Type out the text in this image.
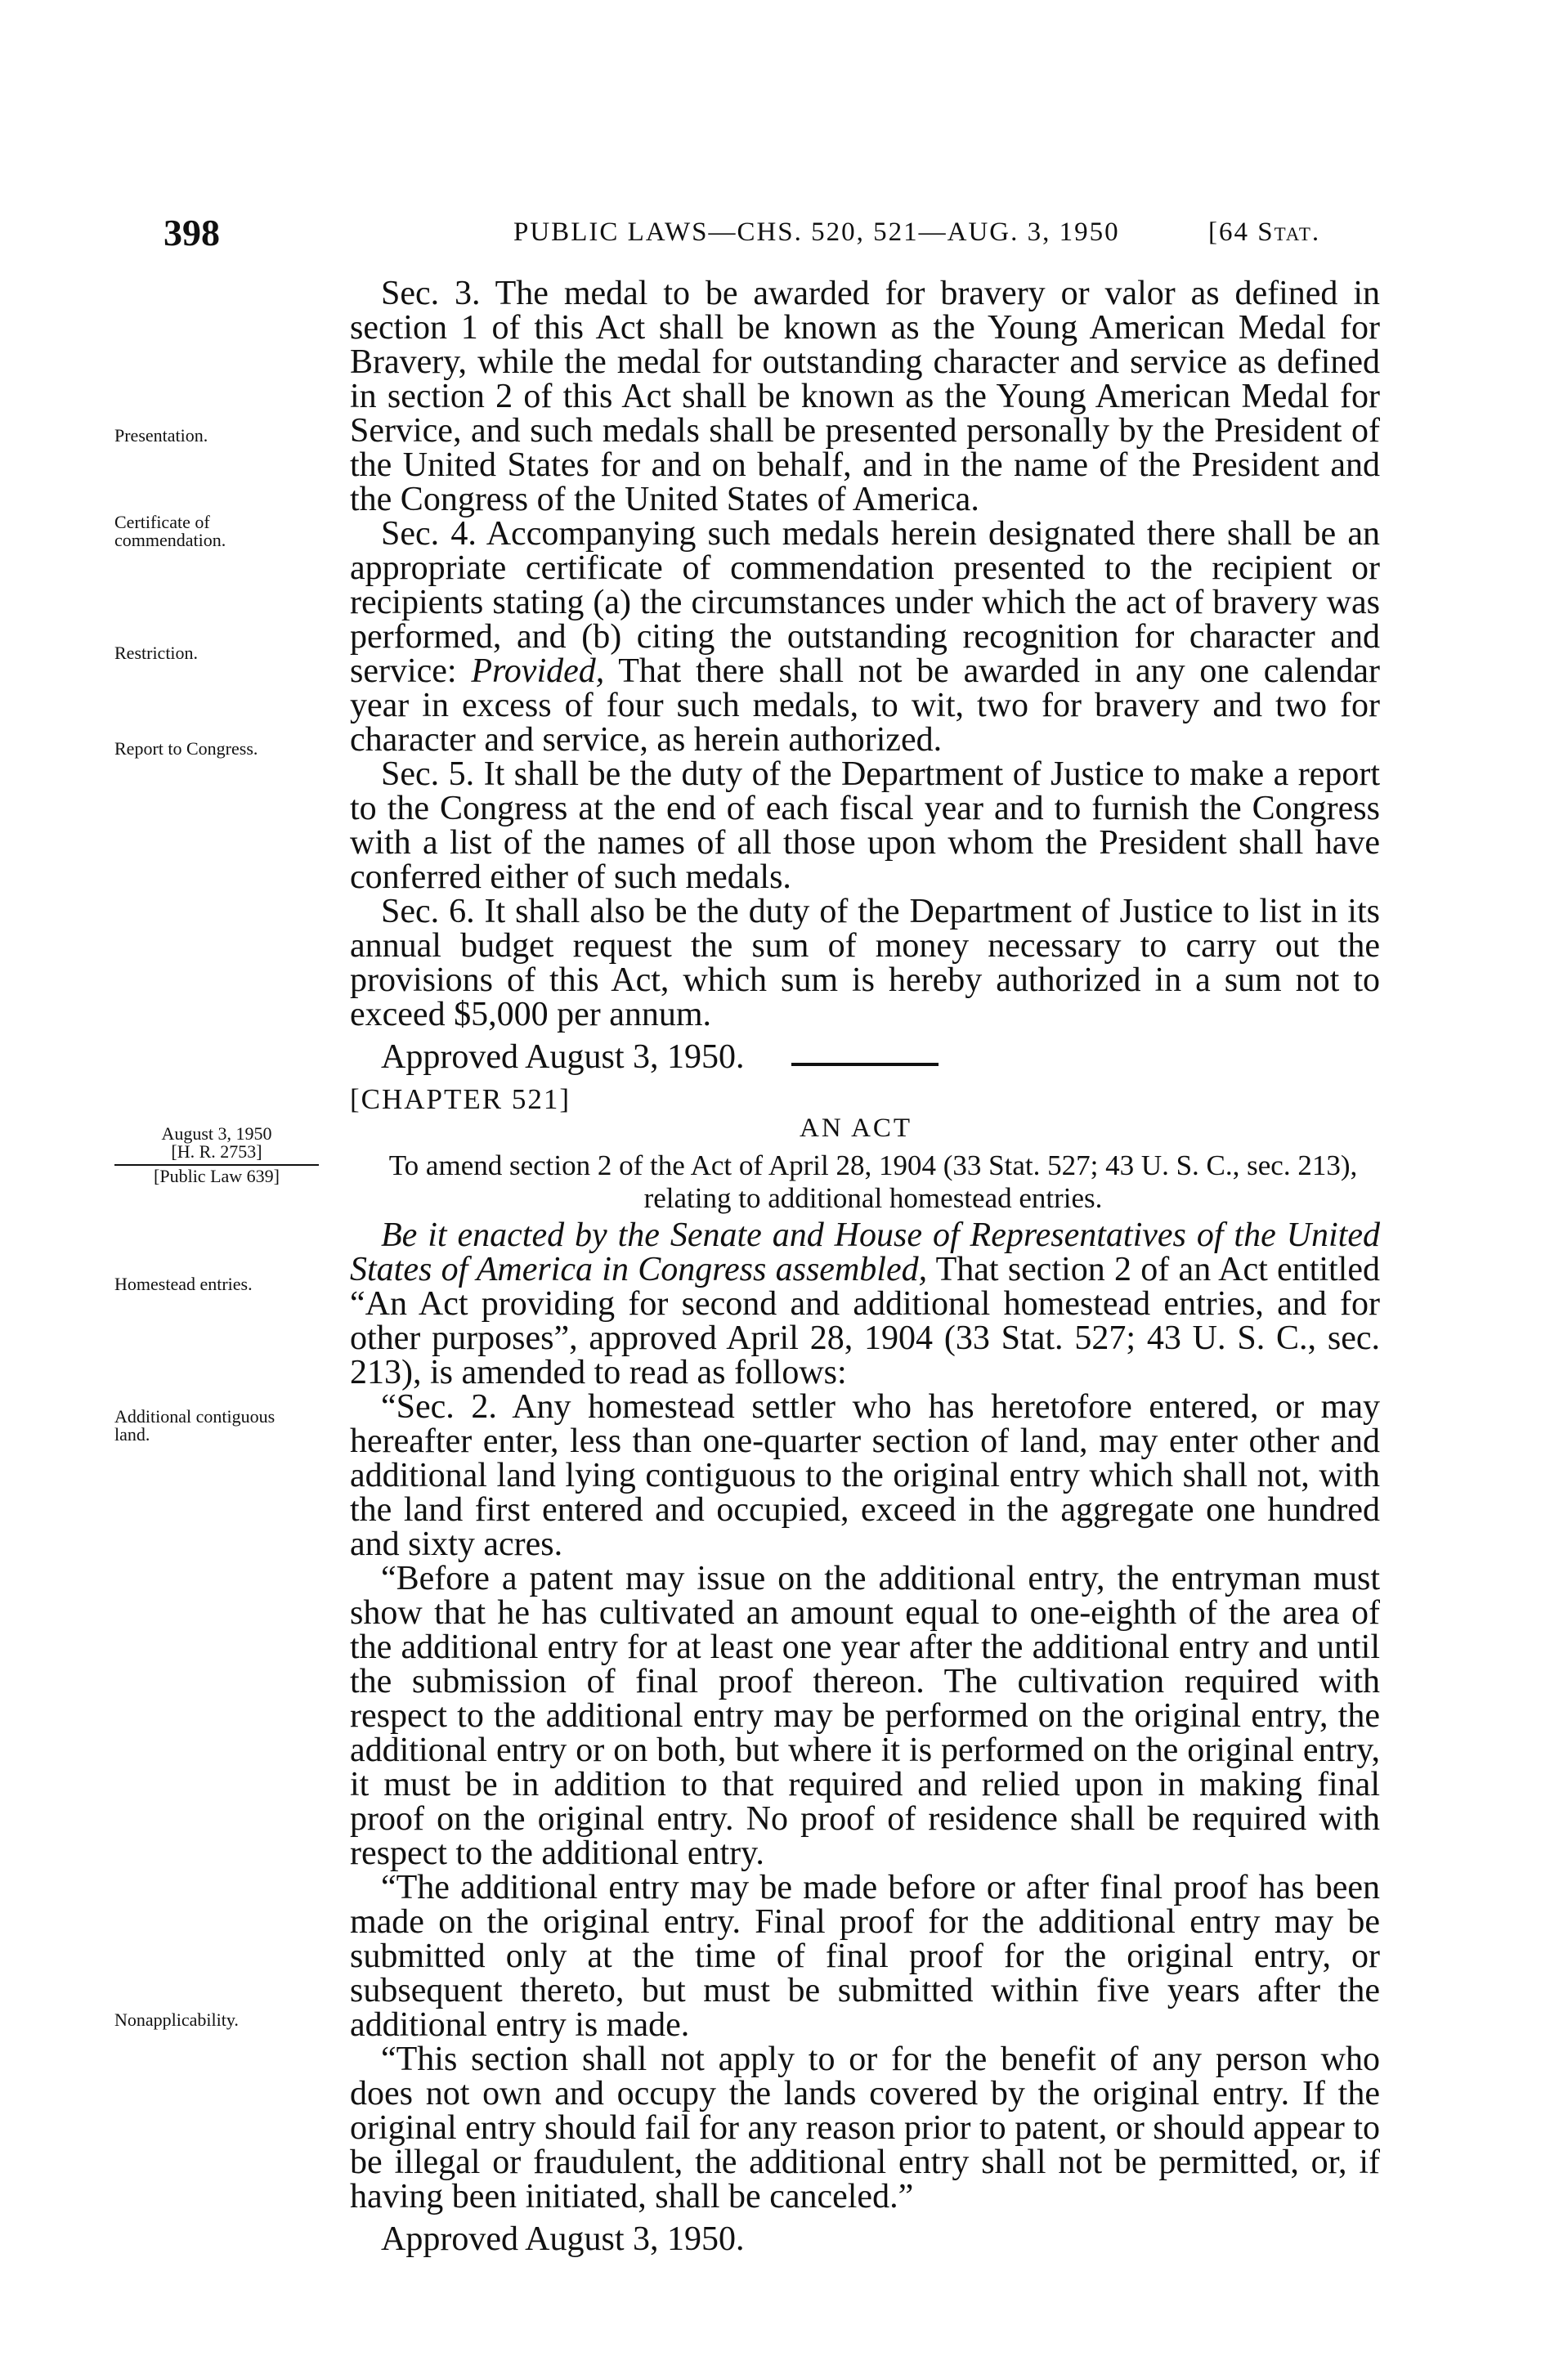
398	PUBLIC LAWS—CHS. 520, 521—AUG. 3, 1950	[64 Stat.

Sec. 3. The medal to be awarded for bravery or valor as defined in section 1 of this Act shall be known as the Young American Medal for Bravery, while the medal for outstanding character and service as defined in section 2 of this Act shall be known as the Young American Medal for Service, and such medals shall be presented personally by the President of the United States for and on behalf, and in the name of the President and the Congress of the United States of America.

Sec. 4. Accompanying such medals herein designated there shall be an appropriate certificate of commendation presented to the recipient or recipients stating (a) the circumstances under which the act of bravery was performed, and (b) citing the outstanding recognition for character and service: Provided, That there shall not be awarded in any one calendar year in excess of four such medals, to wit, two for bravery and two for character and service, as herein authorized.

Sec. 5. It shall be the duty of the Department of Justice to make a report to the Congress at the end of each fiscal year and to furnish the Congress with a list of the names of all those upon whom the President shall have conferred either of such medals.

Sec. 6. It shall also be the duty of the Department of Justice to list in its annual budget request the sum of money necessary to carry out the provisions of this Act, which sum is hereby authorized in a sum not to exceed $5,000 per annum.

Approved August 3, 1950.

Presentation.
Certificate of commendation.
Restriction.
Report to Congress.
[CHAPTER 521]
AN ACT
To amend section 2 of the Act of April 28, 1904 (33 Stat. 527; 43 U. S. C., sec. 213), relating to additional homestead entries.
August 3, 1950
[H. R. 2753]
[Public Law 639]

Be it enacted by the Senate and House of Representatives of the United States of America in Congress assembled, That section 2 of an Act entitled “An Act providing for second and additional homestead entries, and for other purposes”, approved April 28, 1904 (33 Stat. 527; 43 U. S. C., sec. 213), is amended to read as follows:

“Sec. 2. Any homestead settler who has heretofore entered, or may hereafter enter, less than one-quarter section of land, may enter other and additional land lying contiguous to the original entry which shall not, with the land first entered and occupied, exceed in the aggregate one hundred and sixty acres.

“Before a patent may issue on the additional entry, the entryman must show that he has cultivated an amount equal to one-eighth of the area of the additional entry for at least one year after the additional entry and until the submission of final proof thereon. The cultivation required with respect to the additional entry may be performed on the original entry, the additional entry or on both, but where it is performed on the original entry, it must be in addition to that required and relied upon in making final proof on the original entry. No proof of residence shall be required with respect to the additional entry.

“The additional entry may be made before or after final proof has been made on the original entry. Final proof for the additional entry may be submitted only at the time of final proof for the original entry, or subsequent thereto, but must be submitted within five years after the additional entry is made.

“This section shall not apply to or for the benefit of any person who does not own and occupy the lands covered by the original entry. If the original entry should fail for any reason prior to patent, or should appear to be illegal or fraudulent, the additional entry shall not be permitted, or, if having been initiated, shall be canceled.”

Approved August 3, 1950.

Homestead entries.
Additional contiguous land.
Nonapplicability.
